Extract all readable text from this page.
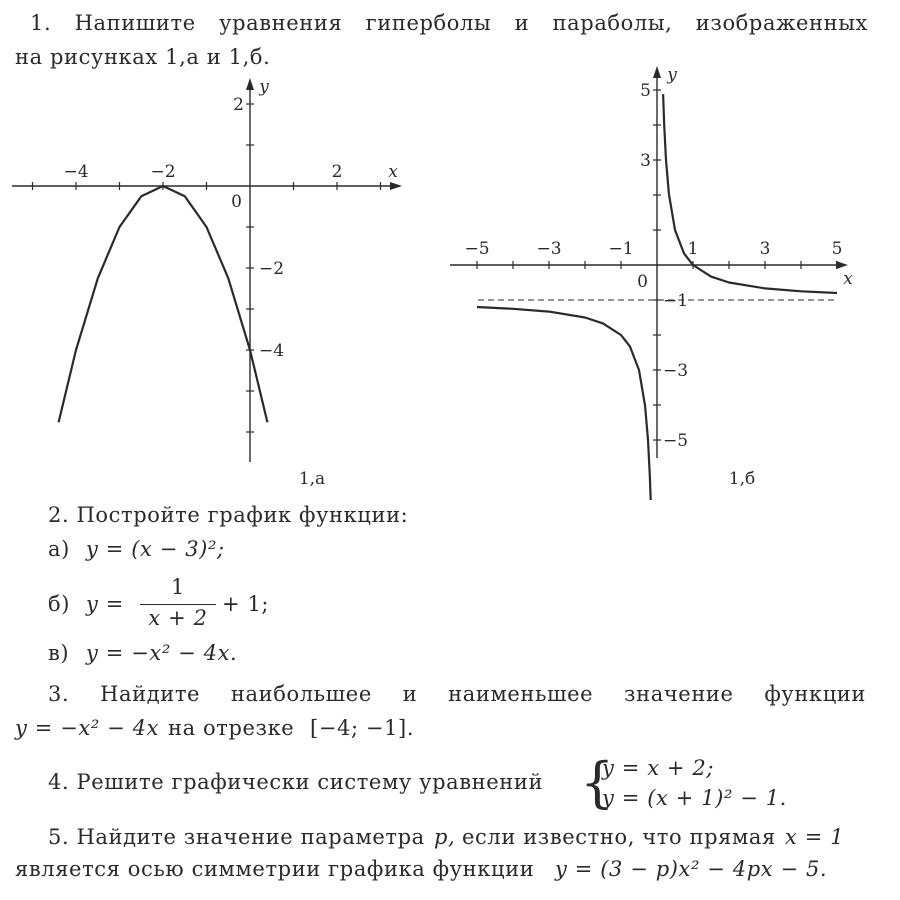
1. Напишите уравнения гиперболы и параболы, изображенных
на рисунках 1,а и 1,б.
−4	−2	2
2
−2
−4
0
x
y
1,а
−5	−3	−1	1	3	5
5
3
−1
−3
−5
0	x
y
1,б
2. Постройте график функции:
а) y = (x − 3)²;
б) y =
1
x + 2
+ 1;
в) y = −x² − 4x.
3. Найдите наибольшее и наименьшее значение функции
y = −x² − 4x на отрезке [−4; −1].
4. Решите графически систему уравнений {
y = x + 2;
y = (x + 1)² − 1.
5. Найдите значение параметра p, если известно, что прямая x = 1
является осью симметрии графика функции y = (3 − p)x² − 4px − 5.
